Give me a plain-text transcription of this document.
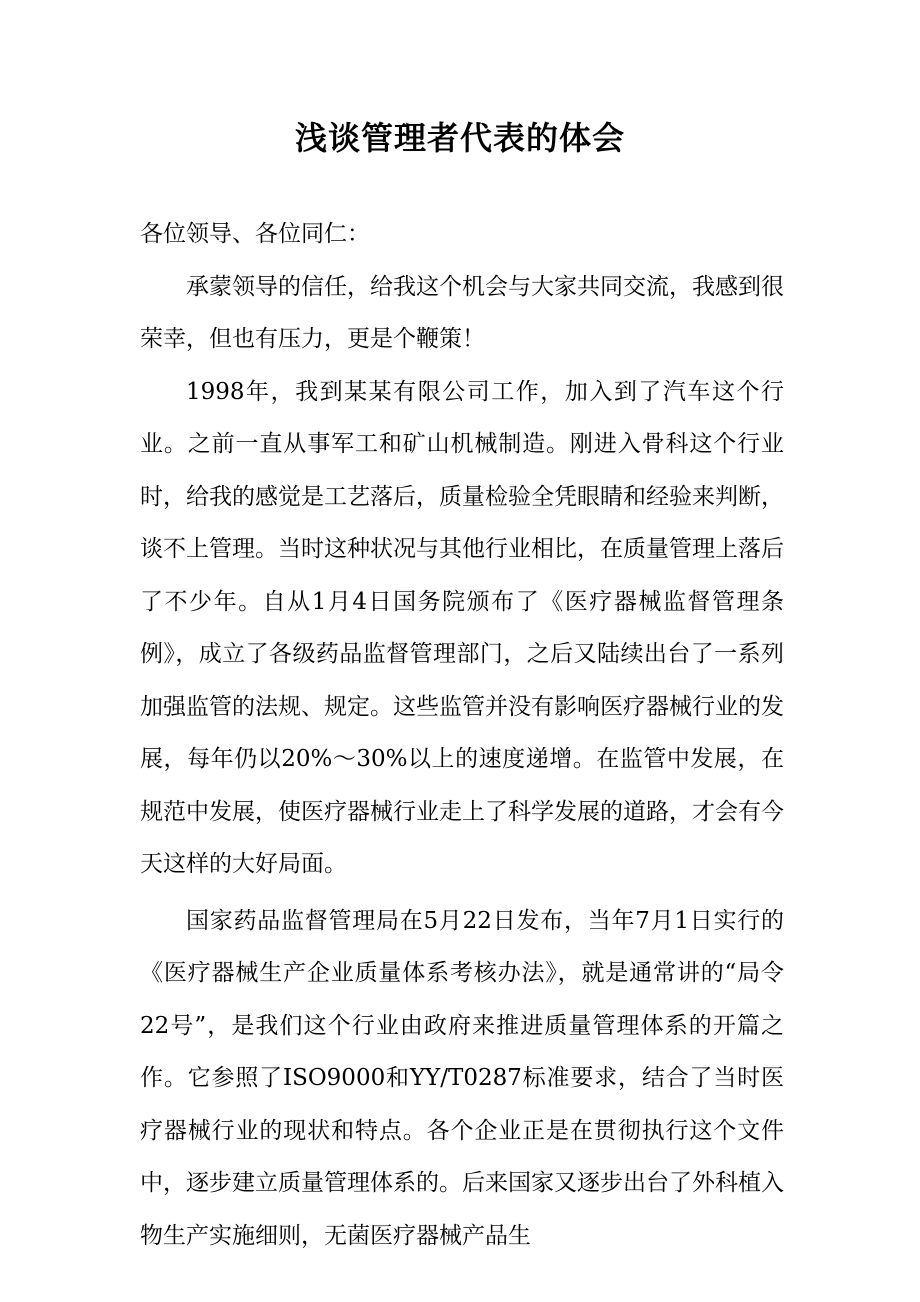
浅谈管理者代表的体会

各位领导、各位同仁：

承蒙领导的信任，给我这个机会与大家共同交流，我感到很荣幸，但也有压力，更是个鞭策！

1998年，我到某某有限公司工作，加入到了汽车这个行业。之前一直从事军工和矿山机械制造。刚进入骨科这个行业时，给我的感觉是工艺落后，质量检验全凭眼睛和经验来判断，谈不上管理。当时这种状况与其他行业相比，在质量管理上落后了不少年。自从1月4日国务院颁布了《医疗器械监督管理条例》，成立了各级药品监督管理部门，之后又陆续出台了一系列加强监管的法规、规定。这些监管并没有影响医疗器械行业的发展，每年仍以20%～30%以上的速度递增。在监管中发展，在规范中发展，使医疗器械行业走上了科学发展的道路，才会有今天这样的大好局面。

国家药品监督管理局在5月22日发布，当年7月1日实行的《医疗器械生产企业质量体系考核办法》，就是通常讲的“局令22号”，是我们这个行业由政府来推进质量管理体系的开篇之作。它参照了ISO9000和YY/T0287标准要求，结合了当时医疗器械行业的现状和特点。各个企业正是在贯彻执行这个文件中，逐步建立质量管理体系的。后来国家又逐步出台了外科植入物生产实施细则，无菌医疗器械产品生
